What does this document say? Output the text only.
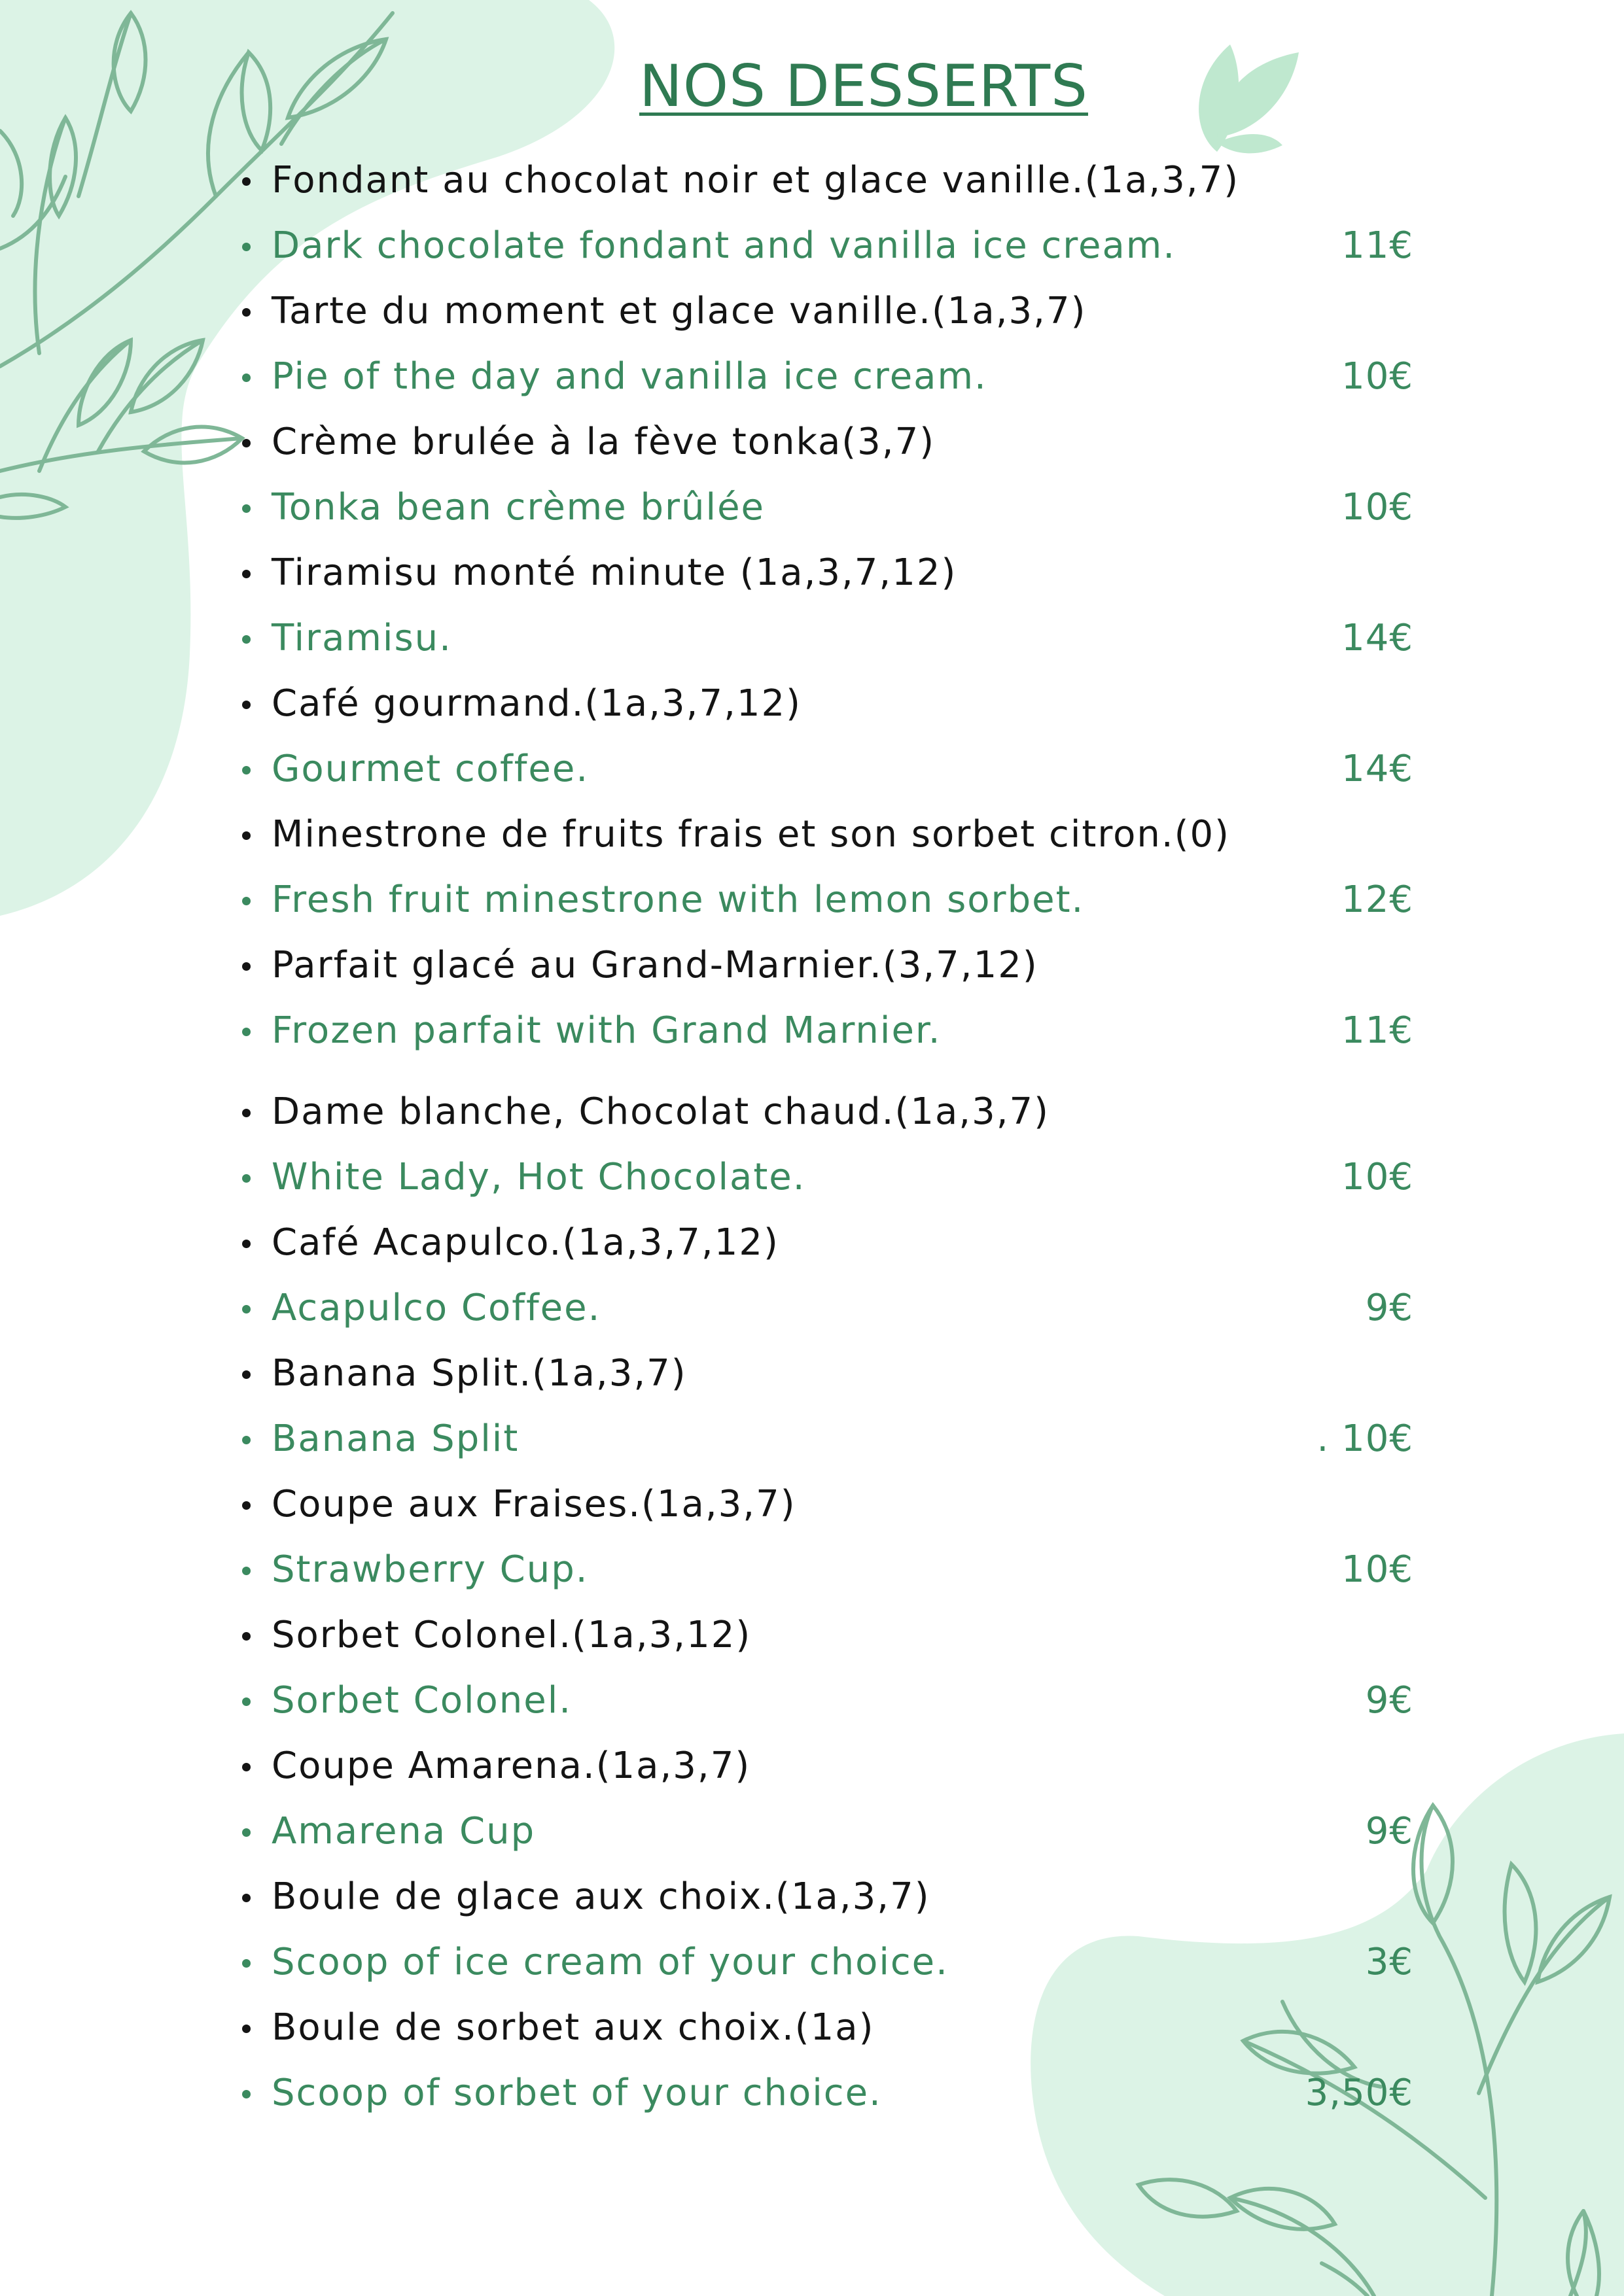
NOS DESSERTS
Fondant au chocolat noir et glace vanille.(1a,3,7)
Dark chocolate fondant and vanilla ice cream.	11€
Tarte du moment et glace vanille.(1a,3,7)
Pie of the day and vanilla ice cream.	10€
Crème brulée à la fève tonka(3,7)
Tonka bean crème brûlée	10€
Tiramisu monté minute (1a,3,7,12)
Tiramisu.	14€
Café gourmand.(1a,3,7,12)
Gourmet coffee.	14€
Minestrone de fruits frais et son sorbet citron.(0)
Fresh fruit minestrone with lemon sorbet.	12€
Parfait glacé au Grand-Marnier.(3,7,12)
Frozen parfait with Grand Marnier.	11€
Dame blanche, Chocolat chaud.(1a,3,7)
White Lady, Hot Chocolate.	10€
Café Acapulco.(1a,3,7,12)
Acapulco Coffee.	9€
Banana Split.(1a,3,7)
Banana Split	. 10€
Coupe aux Fraises.(1a,3,7)
Strawberry Cup.	10€
Sorbet Colonel.(1a,3,12)
Sorbet Colonel.	9€
Coupe Amarena.(1a,3,7)
Amarena Cup	9€
Boule de glace aux choix.(1a,3,7)
Scoop of ice cream of your choice.	3€
Boule de sorbet aux choix.(1a)
Scoop of sorbet of your choice.	3,50€
